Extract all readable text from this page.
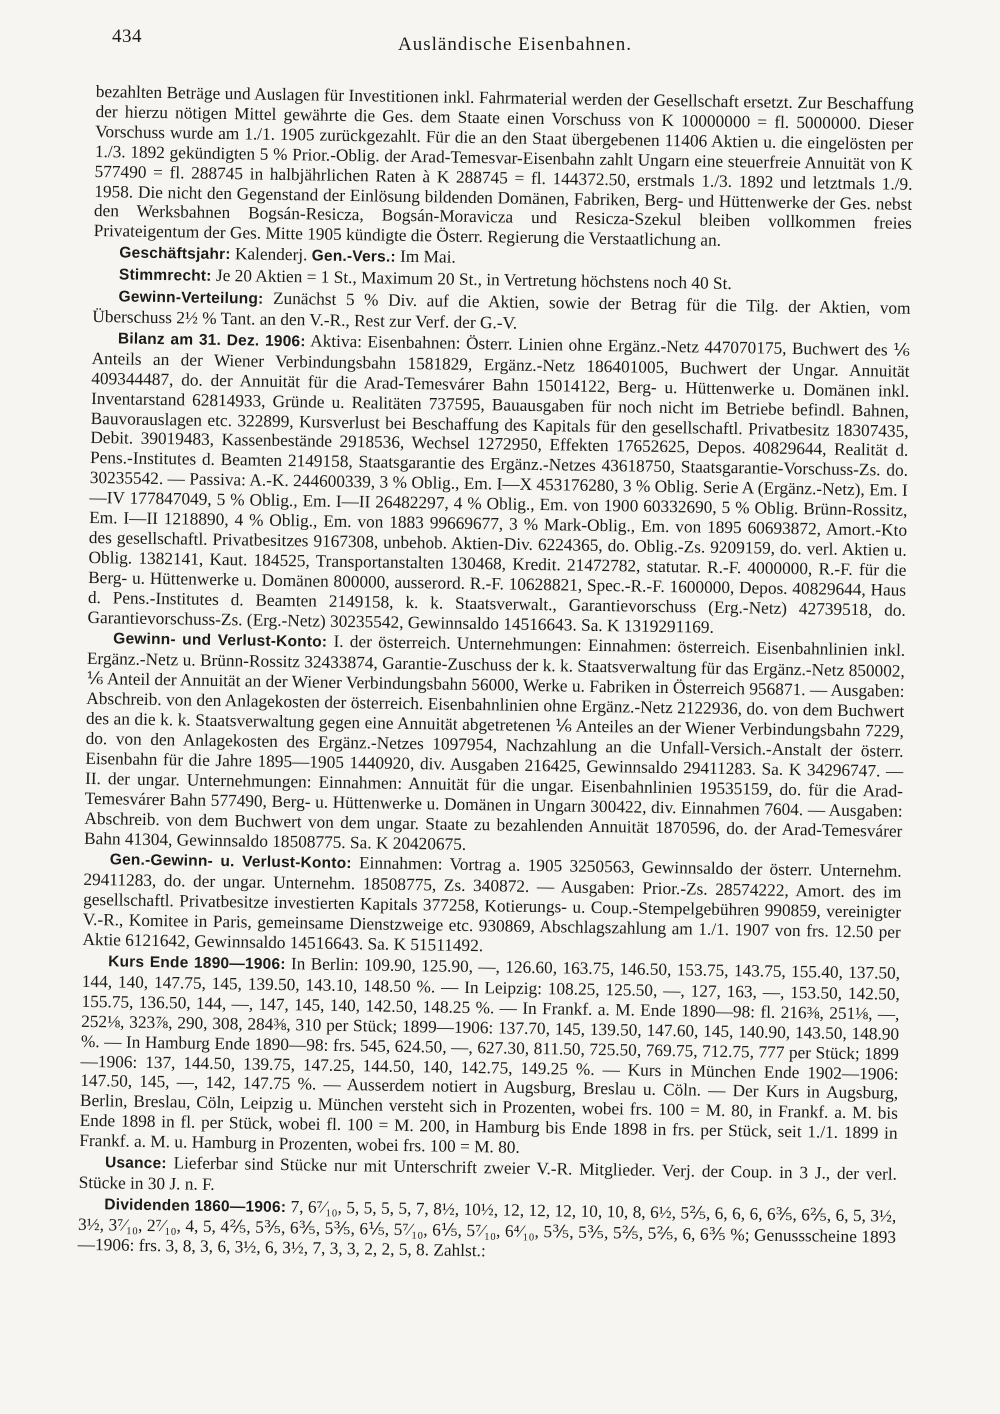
434	Ausländische Eisenbahnen.

bezahlten Beträge und Auslagen für Investitionen inkl. Fahrmaterial werden der Gesellschaft ersetzt. Zur Beschaffung der hierzu nötigen Mittel gewährte die Ges. dem Staate einen Vorschuss von K 10000000 = fl. 5000000. Dieser Vorschuss wurde am 1./1. 1905 zurückgezahlt. Für die an den Staat übergebenen 11406 Aktien u. die eingelösten per 1./3. 1892 gekündigten 5 % Prior.-Oblig. der Arad-Temesvar-Eisenbahn zahlt Ungarn eine steuerfreie Annuität von K 577490 = fl. 288745 in halbjährlichen Raten à K 288745 = fl. 144372.50, erstmals 1./3. 1892 und letztmals 1./9. 1958. Die nicht den Gegenstand der Einlösung bildenden Domänen, Fabriken, Berg- und Hüttenwerke der Ges. nebst den Werksbahnen Bogsán-Resicza, Bogsán-Moravicza und Resicza-Szekul bleiben vollkommen freies Privateigentum der Ges. Mitte 1905 kündigte die Österr. Regierung die Verstaatlichung an.

Geschäftsjahr: Kalenderj. Gen.-Vers.: Im Mai.

Stimmrecht: Je 20 Aktien = 1 St., Maximum 20 St., in Vertretung höchstens noch 40 St.

Gewinn-Verteilung: Zunächst 5 % Div. auf die Aktien, sowie der Betrag für die Tilg. der Aktien, vom Überschuss 2½ % Tant. an den V.-R., Rest zur Verf. der G.-V.

Bilanz am 31. Dez. 1906: Aktiva: Eisenbahnen: Österr. Linien ohne Ergänz.-Netz 447070175, Buchwert des ⅙ Anteils an der Wiener Verbindungsbahn 1581829, Ergänz.-Netz 186401005, Buchwert der Ungar. Annuität 409344487, do. der Annuität für die Arad-Temesvárer Bahn 15014122, Berg- u. Hüttenwerke u. Domänen inkl. Inventarstand 62814933, Gründe u. Realitäten 737595, Bauausgaben für noch nicht im Betriebe befindl. Bahnen, Bauvorauslagen etc. 322899, Kursverlust bei Beschaffung des Kapitals für den gesellschaftl. Privatbesitz 18307435, Debit. 39019483, Kassenbestände 2918536, Wechsel 1272950, Effekten 17652625, Depos. 40829644, Realität d. Pens.-Institutes d. Beamten 2149158, Staatsgarantie des Ergänz.-Netzes 43618750, Staatsgarantie-Vorschuss-Zs. do. 30235542. — Passiva: A.-K. 244600339, 3 % Oblig., Em. I—X 453176280, 3 % Oblig. Serie A (Ergänz.-Netz), Em. I—IV 177847049, 5 % Oblig., Em. I—II 26482297, 4 % Oblig., Em. von 1900 60332690, 5 % Oblig. Brünn-Rossitz, Em. I—II 1218890, 4 % Oblig., Em. von 1883 99669677, 3 % Mark-Oblig., Em. von 1895 60693872, Amort.-Kto des gesellschaftl. Privatbesitzes 9167308, unbehob. Aktien-Div. 6224365, do. Oblig.-Zs. 9209159, do. verl. Aktien u. Oblig. 1382141, Kaut. 184525, Transportanstalten 130468, Kredit. 21472782, statutar. R.-F. 4000000, R.-F. für die Berg- u. Hüttenwerke u. Domänen 800000, ausserord. R.-F. 10628821, Spec.-R.-F. 1600000, Depos. 40829644, Haus d. Pens.-Institutes d. Beamten 2149158, k. k. Staatsverwalt., Garantievorschuss (Erg.-Netz) 42739518, do. Garantievorschuss-Zs. (Erg.-Netz) 30235542, Gewinnsaldo 14516643. Sa. K 1319291169.

Gewinn- und Verlust-Konto: I. der österreich. Unternehmungen: Einnahmen: österreich. Eisenbahnlinien inkl. Ergänz.-Netz u. Brünn-Rossitz 32433874, Garantie-Zuschuss der k. k. Staatsverwaltung für das Ergänz.-Netz 850002, ⅙ Anteil der Annuität an der Wiener Verbindungsbahn 56000, Werke u. Fabriken in Österreich 956871. — Ausgaben: Abschreib. von den Anlagekosten der österreich. Eisenbahnlinien ohne Ergänz.-Netz 2122936, do. von dem Buchwert des an die k. k. Staatsverwaltung gegen eine Annuität abgetretenen ⅙ Anteiles an der Wiener Verbindungsbahn 7229, do. von den Anlagekosten des Ergänz.-Netzes 1097954, Nachzahlung an die Unfall-Versich.-Anstalt der österr. Eisenbahn für die Jahre 1895—1905 1440920, div. Ausgaben 216425, Gewinnsaldo 29411283. Sa. K 34296747. — II. der ungar. Unternehmungen: Einnahmen: Annuität für die ungar. Eisenbahnlinien 19535159, do. für die Arad-Temesvárer Bahn 577490, Berg- u. Hüttenwerke u. Domänen in Ungarn 300422, div. Einnahmen 7604. — Ausgaben: Abschreib. von dem Buchwert von dem ungar. Staate zu bezahlenden Annuität 1870596, do. der Arad-Temesvárer Bahn 41304, Gewinnsaldo 18508775. Sa. K 20420675.

Gen.-Gewinn- u. Verlust-Konto: Einnahmen: Vortrag a. 1905 3250563, Gewinnsaldo der österr. Unternehm. 29411283, do. der ungar. Unternehm. 18508775, Zs. 340872. — Ausgaben: Prior.-Zs. 28574222, Amort. des im gesellschaftl. Privatbesitze investierten Kapitals 377258, Kotierungs- u. Coup.-Stempelgebühren 990859, vereinigter V.-R., Komitee in Paris, gemeinsame Dienstzweige etc. 930869, Abschlagszahlung am 1./1. 1907 von frs. 12.50 per Aktie 6121642, Gewinnsaldo 14516643. Sa. K 51511492.

Kurs Ende 1890—1906: In Berlin: 109.90, 125.90, —, 126.60, 163.75, 146.50, 153.75, 143.75, 155.40, 137.50, 144, 140, 147.75, 145, 139.50, 143.10, 148.50 %. — In Leipzig: 108.25, 125.50, —, 127, 163, —, 153.50, 142.50, 155.75, 136.50, 144, —, 147, 145, 140, 142.50, 148.25 %. — In Frankf. a. M. Ende 1890—98: fl. 216⅜, 251⅛, —, 252⅛, 323⅞, 290, 308, 284⅜, 310 per Stück; 1899—1906: 137.70, 145, 139.50, 147.60, 145, 140.90, 143.50, 148.90 %. — In Hamburg Ende 1890—98: frs. 545, 624.50, —, 627.30, 811.50, 725.50, 769.75, 712.75, 777 per Stück; 1899—1906: 137, 144.50, 139.75, 147.25, 144.50, 140, 142.75, 149.25 %. — Kurs in München Ende 1902—1906: 147.50, 145, —, 142, 147.75 %. — Ausserdem notiert in Augsburg, Breslau u. Cöln. — Der Kurs in Augsburg, Berlin, Breslau, Cöln, Leipzig u. München versteht sich in Prozenten, wobei frs. 100 = M. 80, in Frankf. a. M. bis Ende 1898 in fl. per Stück, wobei fl. 100 = M. 200, in Hamburg bis Ende 1898 in frs. per Stück, seit 1./1. 1899 in Frankf. a. M. u. Hamburg in Prozenten, wobei frs. 100 = M. 80.

Usance: Lieferbar sind Stücke nur mit Unterschrift zweier V.-R. Mitglieder. Verj. der Coup. in 3 J., der verl. Stücke in 30 J. n. F.

Dividenden 1860—1906: 7, 6⁷⁄₁₀, 5, 5, 5, 5, 7, 8½, 10½, 12, 12, 12, 10, 10, 8, 6½, 5⅖, 6, 6, 6, 6⅗, 6⅖, 6, 5, 3½, 3½, 3⁷⁄₁₀, 2⁷⁄₁₀, 4, 5, 4⅖, 5⅗, 6⅗, 5⅗, 6⅕, 5⁷⁄₁₀, 6⅕, 5⁷⁄₁₀, 6⁴⁄₁₀, 5⅗, 5⅗, 5⅖, 5⅖, 6, 6⅗ %; Genussscheine 1893—1906: frs. 3, 8, 3, 6, 3½, 6, 3½, 7, 3, 3, 2, 2, 5, 8. Zahlst.:
